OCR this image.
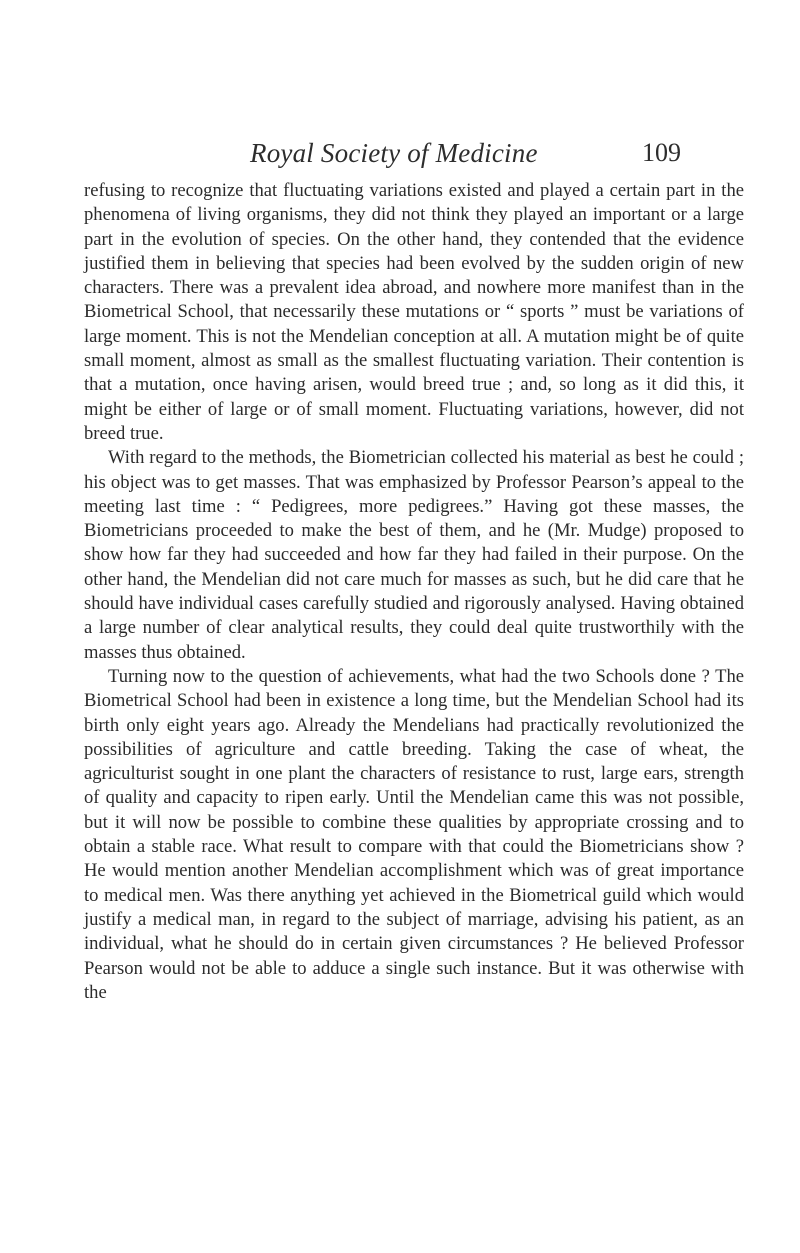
Royal Society of Medicine	109

refusing to recognize that fluctuating variations existed and played a certain part in the phenomena of living organisms, they did not think they played an important or a large part in the evolution of species. On the other hand, they contended that the evidence justified them in believing that species had been evolved by the sudden origin of new characters. There was a prevalent idea abroad, and nowhere more manifest than in the Biometrical School, that necessarily these mutations or “ sports ” must be variations of large moment. This is not the Mendelian conception at all. A mutation might be of quite small moment, almost as small as the smallest fluctuating variation. Their contention is that a mutation, once having arisen, would breed true ; and, so long as it did this, it might be either of large or of small moment. Fluctuating variations, however, did not breed true.

With regard to the methods, the Biometrician collected his material as best he could ; his object was to get masses. That was emphasized by Professor Pearson’s appeal to the meeting last time : “ Pedigrees, more pedigrees.” Having got these masses, the Biometricians proceeded to make the best of them, and he (Mr. Mudge) proposed to show how far they had succeeded and how far they had failed in their purpose. On the other hand, the Mendelian did not care much for masses as such, but he did care that he should have individual cases carefully studied and rigorously analysed. Having obtained a large number of clear analytical results, they could deal quite trustworthily with the masses thus obtained.

Turning now to the question of achievements, what had the two Schools done ? The Biometrical School had been in existence a long time, but the Mendelian School had its birth only eight years ago. Already the Mendelians had practically revolutionized the possibilities of agriculture and cattle breeding. Taking the case of wheat, the agriculturist sought in one plant the characters of resistance to rust, large ears, strength of quality and capacity to ripen early. Until the Mendelian came this was not possible, but it will now be possible to combine these qualities by appropriate crossing and to obtain a stable race. What result to compare with that could the Biometricians show ? He would mention another Mendelian accomplishment which was of great importance to medical men. Was there anything yet achieved in the Biometrical guild which would justify a medical man, in regard to the subject of marriage, advising his patient, as an individual, what he should do in certain given circumstances ? He believed Professor Pearson would not be able to adduce a single such instance. But it was otherwise with the
